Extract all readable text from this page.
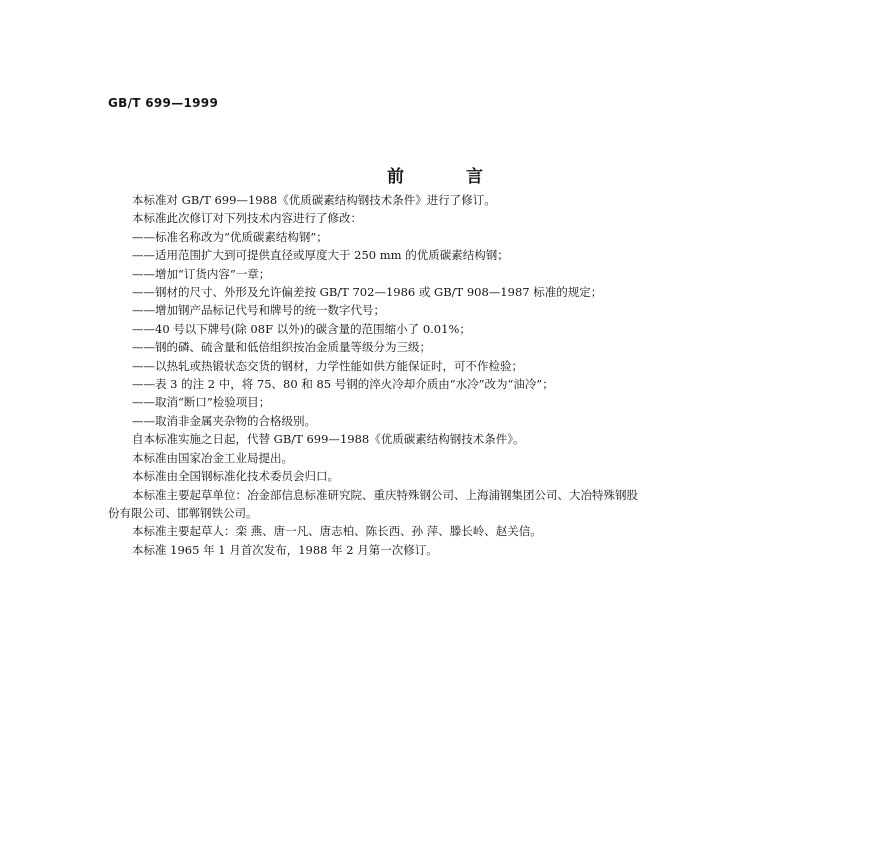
GB/T 699—1999
前言
本标准对 GB/T 699—1988《优质碳素结构钢技术条件》进行了修订。
本标准此次修订对下列技术内容进行了修改：
——标准名称改为“优质碳素结构钢”；
——适用范围扩大到可提供直径或厚度大于 250 mm 的优质碳素结构钢；
——增加“订货内容”一章；
——钢材的尺寸、外形及允许偏差按 GB/T 702—1986 或 GB/T 908—1987 标准的规定；
——增加钢产品标记代号和牌号的统一数字代号；
——40 号以下牌号(除 08F 以外)的碳含量的范围缩小了 0.01%；
——钢的磷、硫含量和低倍组织按冶金质量等级分为三级；
——以热轧或热锻状态交货的钢材，力学性能如供方能保证时，可不作检验；
——表 3 的注 2 中，将 75、80 和 85 号钢的淬火冷却介质由“水冷”改为“油冷”；
——取消“断口”检验项目；
——取消非金属夹杂物的合格级别。
自本标准实施之日起，代替 GB/T 699—1988《优质碳素结构钢技术条件》。
本标准由国家冶金工业局提出。
本标准由全国钢标准化技术委员会归口。
本标准主要起草单位：冶金部信息标准研究院、重庆特殊钢公司、上海浦钢集团公司、大冶特殊钢股
份有限公司、邯郸钢铁公司。
本标准主要起草人：栾 燕、唐一凡、唐志柏、陈长西、孙 萍、滕长岭、赵关信。
本标准 1965 年 1 月首次发布，1988 年 2 月第一次修订。
